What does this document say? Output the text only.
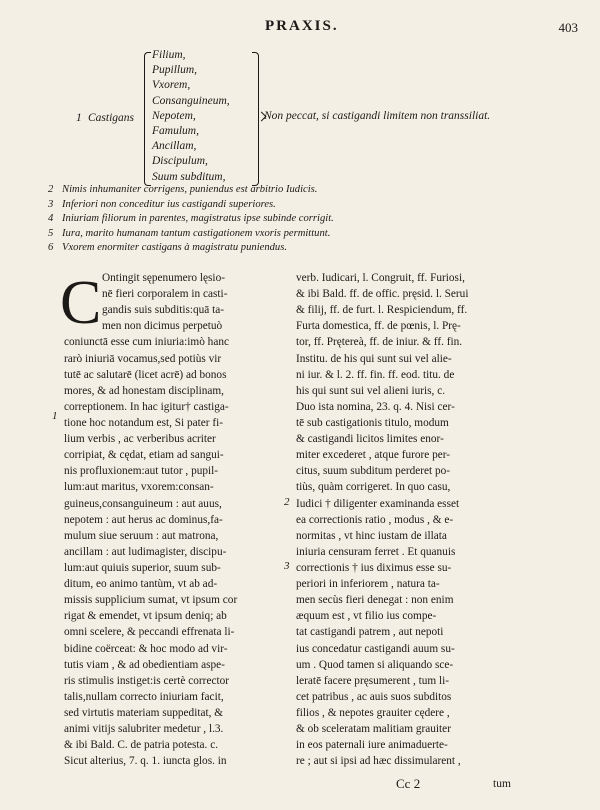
PRAXIS.	403
1 Castigans
Filium,
Pupillum,
Vxorem,
Consanguineum,
Nepotem,
Famulum,
Ancillam,
Discipulum,
Suum subditum,
Non peccat, si castigandi limitem non transsiliat.
2 Nimis inhumaniter corrigens, puniendus est arbitrio Iudicis.
3 Inferiori non conceditur ius castigandi superiores.
4 Iniuriam filiorum in parentes, magistratus ipse subinde corrigit.
5 Iura, marito humanam tantum castigationem vxoris permittunt.
6 Vxorem enormiter castigans à magistratu puniendus.
C Ontingit sępenumero lęsio-
nē fieri corporalem in casti-
gandis suis subditis:quā ta-
men non dicimus perpetuò
coniunctā esse cum iniuria:imò hanc
rarò iniuriā vocamus,sed potiùs vir
tutē ac salutarē (licet acrē) ad bonos
mores, & ad honestam disciplinam,
correptionem. In hac igitur† castiga-
tione hoc notandum est, Si pater fi-
lium verbis , ac verberibus acriter
corripiat, & cędat, etiam ad sangui-
nis profluxionem:aut tutor , pupil-
lum:aut maritus, vxorem:consan-
guineus,consanguineum : aut auus,
nepotem : aut herus ac dominus,fa-
mulum siue seruum : aut matrona,
ancillam : aut ludimagister, discipu-
lum:aut quiuis superior, suum sub-
ditum, eo animo tantùm, vt ab ad-
missis supplicium sumat, vt ipsum cor
rigat & emendet, vt ipsum deniq; ab
omni scelere, & peccandi effrenata li-
bidine coërceat: & hoc modo ad vir-
tutis viam , & ad obedientiam aspe-
ris stimulis instiget:is certè corrector
talis,nullam correcto iniuriam facit,
sed virtutis materiam suppeditat, &
animi vitijs salubriter medetur , l.3.
& ibi Bald. C. de patria potesta. c.
Sicut alterius, 7. q. 1. iuncta glos. in
verb. Iudicari, l. Congruit, ff. Furiosi,
& ibi Bald. ff. de offic. pręsid. l. Serui
& filij, ff. de furt. l. Respiciendum, ff.
Furta domestica, ff. de pœnis, l. Prę-
tor, ff. Prętereà, ff. de iniur. & ff. fin.
Institu. de his qui sunt sui vel alie-
ni iur. & l. 2. ff. fin. ff. eod. titu. de
his qui sunt sui vel alieni iuris, c.
Duo ista nomina, 23. q. 4. Nisi cer-
tē sub castigationis titulo, modum
& castigandi licitos limites enor-
miter excederet , atque furore per-
citus, suum subditum perderet po-
tiùs, quàm corrigeret. In quo casu,
Iudici † diligenter examinanda esset
ea correctionis ratio , modus , & e-
normitas , vt hinc iustam de illata
iniuria censuram ferret . Et quanuis
correctionis † ius diximus esse su-
periori in inferiorem , natura ta-
men secùs fieri denegat : non enim
æquum est , vt filio ius compe-
tat castigandi patrem , aut nepoti
ius concedatur castigandi auum su-
um . Quod tamen si aliquando sce-
leratē facere pręsumerent , tum li-
cet patribus , ac auis suos subditos
filios , & nepotes grauiter cędere ,
& ob sceleratam malitiam grauiter
in eos paternali iure animaduerte-
re ; aut si ipsi ad hæc dissimularent ,
1
2
3
Cc 2	tum
